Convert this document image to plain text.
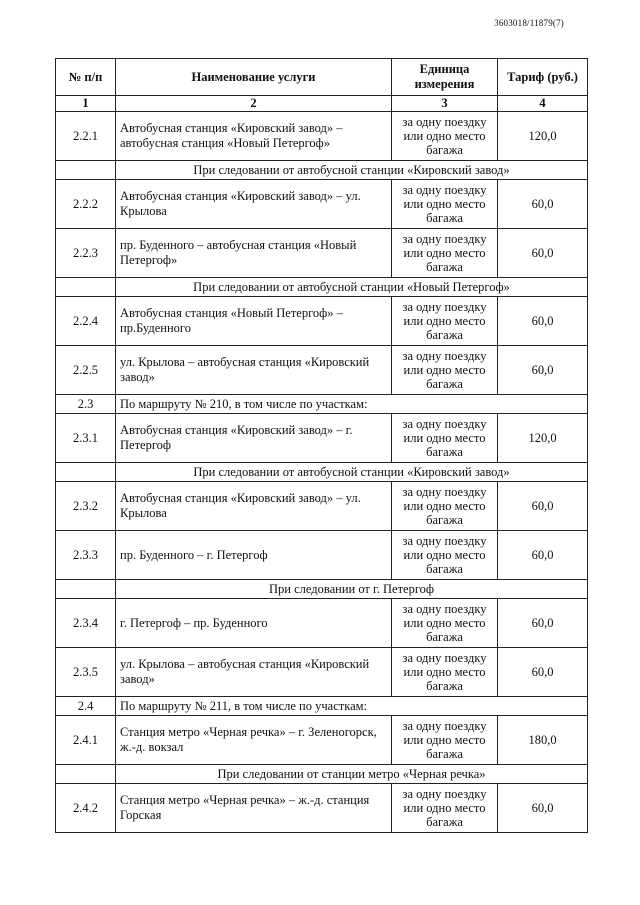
3603018/11879(7)
№ п/п	Наименование услуги	Единица измерения	Тариф (руб.)
1	2	3	4
2.2.1	Автобусная станция «Кировский завод» – автобусная станция «Новый Петергоф»	за одну поездку или одно место багажа	120,0
	При следовании от автобусной станции «Кировский завод»		
2.2.2	Автобусная станция «Кировский завод» – ул. Крылова	за одну поездку или одно место багажа	60,0
2.2.3	пр. Буденного – автобусная станция «Новый Петергоф»	за одну поездку или одно место багажа	60,0
	При следовании от автобусной станции «Новый Петергоф»		
2.2.4	Автобусная станция «Новый Петергоф» – пр.Буденного	за одну поездку или одно место багажа	60,0
2.2.5	ул. Крылова – автобусная станция «Кировский завод»	за одну поездку или одно место багажа	60,0
2.3	По маршруту № 210, в том числе по участкам:		
2.3.1	Автобусная станция «Кировский завод» – г. Петергоф	за одну поездку или одно место багажа	120,0
	При следовании от автобусной станции «Кировский завод»		
2.3.2	Автобусная станция «Кировский завод» – ул. Крылова	за одну поездку или одно место багажа	60,0
2.3.3	пр. Буденного – г. Петергоф	за одну поездку или одно место багажа	60,0
	При следовании от г. Петергоф		
2.3.4	г. Петергоф – пр. Буденного	за одну поездку или одно место багажа	60,0
2.3.5	ул. Крылова – автобусная станция «Кировский завод»	за одну поездку или одно место багажа	60,0
2.4	По маршруту № 211, в том числе по участкам:		
2.4.1	Станция метро «Черная речка» – г. Зеленогорск, ж.-д. вокзал	за одну поездку или одно место багажа	180,0
	При следовании от станции метро «Черная речка»		
2.4.2	Станция метро «Черная речка» – ж.-д. станция Горская	за одну поездку или одно место багажа	60,0
